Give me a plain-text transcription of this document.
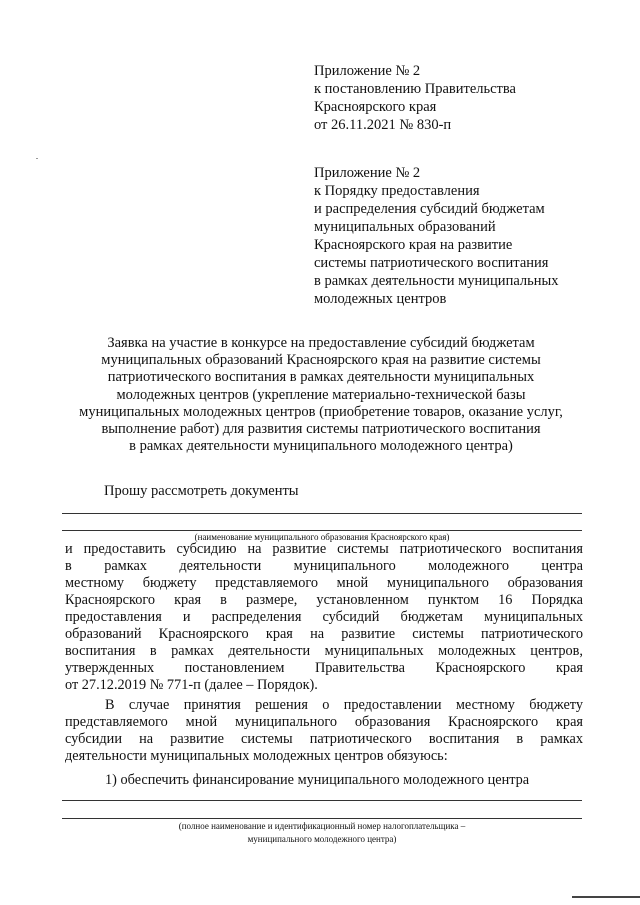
Приложение № 2
к постановлению Правительства
Красноярского края
от 26.11.2021 № 830-п
Приложение № 2
к Порядку предоставления
и распределения субсидий бюджетам
муниципальных образований
Красноярского края на развитие
системы патриотического воспитания
в рамках деятельности муниципальных
молодежных центров
Заявка на участие в конкурсе на предоставление субсидий бюджетам
муниципальных образований Красноярского края на развитие системы
патриотического воспитания в рамках деятельности муниципальных
молодежных центров (укрепление материально-технической базы
муниципальных молодежных центров (приобретение товаров, оказание услуг,
выполнение работ) для развития системы патриотического воспитания
в рамках деятельности муниципального молодежного центра)
Прошу рассмотреть документы
(наименование муниципального образования Красноярского края)
и предоставить субсидию на развитие системы патриотического воспитания
в рамках деятельности муниципального молодежного центра
местному бюджету представляемого мной муниципального образования
Красноярского края в размере, установленном пунктом 16 Порядка
предоставления и распределения субсидий бюджетам муниципальных
образований Красноярского края на развитие системы патриотического
воспитания в рамках деятельности муниципальных молодежных центров,
утвержденных постановлением Правительства Красноярского края
от 27.12.2019 № 771-п (далее – Порядок).
В случае принятия решения о предоставлении местному бюджету
представляемого мной муниципального образования Красноярского края
субсидии на развитие системы патриотического воспитания в рамках
деятельности муниципальных молодежных центров обязуюсь:
1) обеспечить финансирование муниципального молодежного центра
(полное наименование и идентификационный номер налогоплательщика –
муниципального молодежного центра)
